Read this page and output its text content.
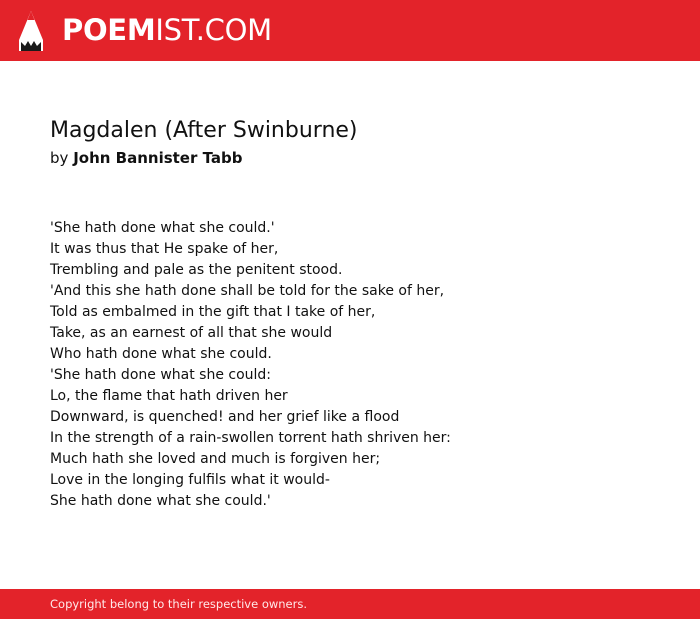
POEMIST.COM
Magdalen (After Swinburne)
by John Bannister Tabb
'She hath done what she could.'
It was thus that He spake of her,
Trembling and pale as the penitent stood.
'And this she hath done shall be told for the sake of her,
Told as embalmed in the gift that I take of her,
Take, as an earnest of all that she would
Who hath done what she could.
'She hath done what she could:
Lo, the flame that hath driven her
Downward, is quenched! and her grief like a flood
In the strength of a rain-swollen torrent hath shriven her:
Much hath she loved and much is forgiven her;
Love in the longing fulfils what it would-
She hath done what she could.'
Copyright belong to their respective owners.
